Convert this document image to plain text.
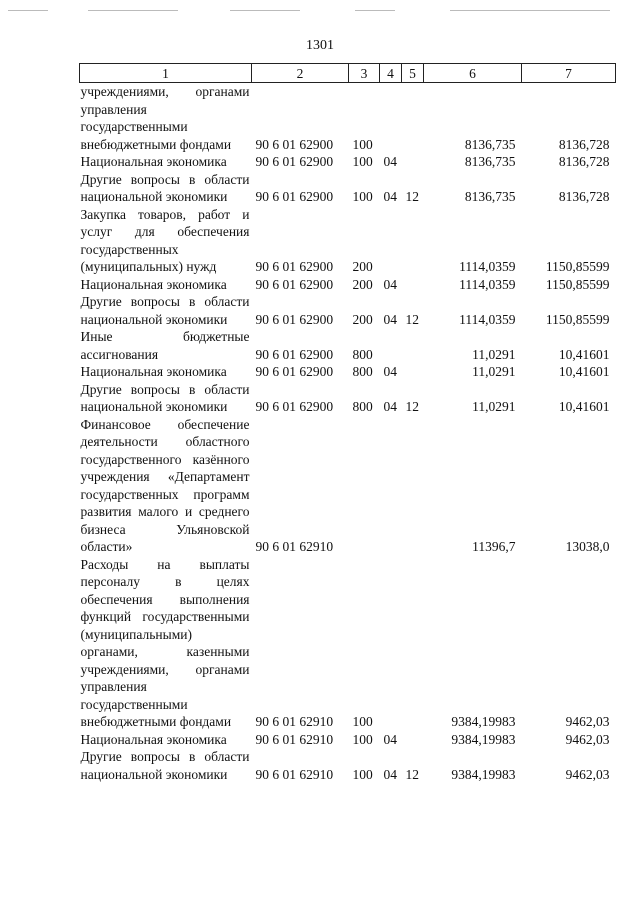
1301
1	2	3	4	5	6	7
учреждениями, органами управления государственными внебюджетными фондами	90 6 01 62900	100			8136,735	8136,728
Национальная экономика	90 6 01 62900	100	04		8136,735	8136,728
Другие вопросы в области национальной экономики	90 6 01 62900	100	04	12	8136,735	8136,728
Закупка товаров, работ и услуг для обеспечения государственных (муниципальных) нужд	90 6 01 62900	200			1114,0359	1150,85599
Национальная экономика	90 6 01 62900	200	04		1114,0359	1150,85599
Другие вопросы в области национальной экономики	90 6 01 62900	200	04	12	1114,0359	1150,85599
Иные бюджетные ассигнования	90 6 01 62900	800			11,0291	10,41601
Национальная экономика	90 6 01 62900	800	04		11,0291	10,41601
Другие вопросы в области национальной экономики	90 6 01 62900	800	04	12	11,0291	10,41601
Финансовое обеспечение деятельности областного государственного казённого учреждения «Департамент государственных программ развития малого и среднего бизнеса Ульяновской области»	90 6 01 62910				11396,7	13038,0
Расходы на выплаты персоналу в целях обеспечения выполнения функций государственными (муниципальными) органами, казенными учреждениями, органами управления государственными внебюджетными фондами	90 6 01 62910	100			9384,19983	9462,03
Национальная экономика	90 6 01 62910	100	04		9384,19983	9462,03
Другие вопросы в области национальной экономики	90 6 01 62910	100	04	12	9384,19983	9462,03
